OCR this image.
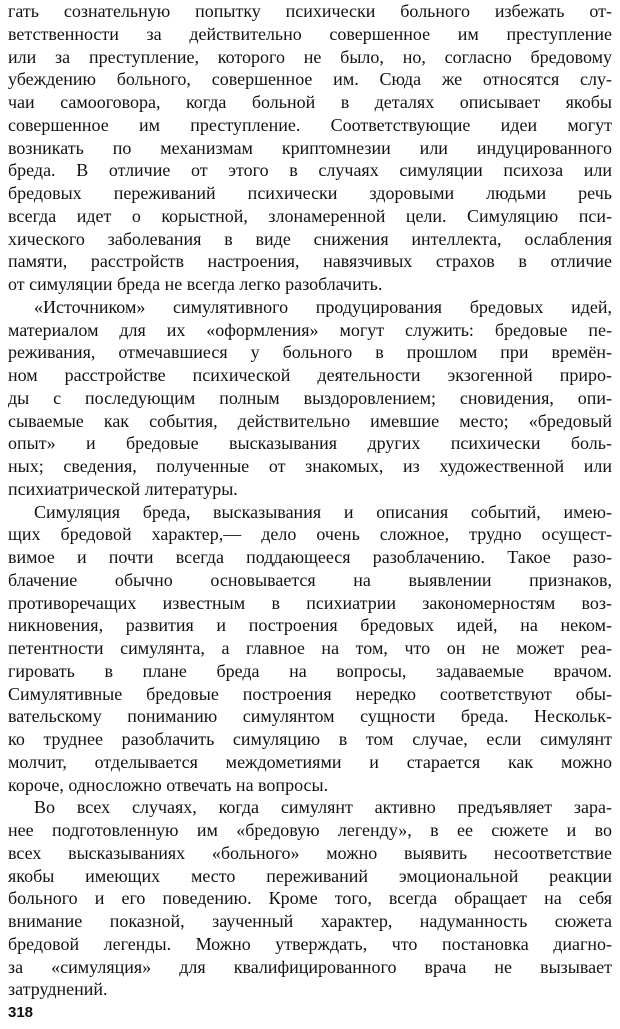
гать сознательную попытку психически больного избежать от-
ветственности за действительно совершенное им преступление
или за преступление, которого не было, но, согласно бредовому
убеждению больного, совершенное им. Сюда же относятся слу-
чаи самооговора, когда больной в деталях описывает якобы
совершенное им преступление. Соответствующие идеи могут
возникать по механизмам криптомнезии или индуцированного
бреда. В отличие от этого в случаях симуляции психоза или
бредовых переживаний психически здоровыми людьми речь
всегда идет о корыстной, злонамеренной цели. Симуляцию пси-
хического заболевания в виде снижения интеллекта, ослабления
памяти, расстройств настроения, навязчивых страхов в отличие
от симуляции бреда не всегда легко разоблачить.
«Источником» симулятивного продуцирования бредовых идей,
материалом для их «оформления» могут служить: бредовые пе-
реживания, отмечавшиеся у больного в прошлом при времён-
ном расстройстве психической деятельности экзогенной приро-
ды с последующим полным выздоровлением; сновидения, опи-
сываемые как события, действительно имевшие место; «бредовый
опыт» и бредовые высказывания других психически боль-
ных; сведения, полученные от знакомых, из художественной или
психиатрической литературы.
Симуляция бреда, высказывания и описания событий, имею-
щих бредовой характер,— дело очень сложное, трудно осущест-
вимое и почти всегда поддающееся разоблачению. Такое разо-
блачение обычно основывается на выявлении признаков,
противоречащих известным в психиатрии закономерностям воз-
никновения, развития и построения бредовых идей, на неком-
петентности симулянта, а главное на том, что он не может реа-
гировать в плане бреда на вопросы, задаваемые врачом.
Симулятивные бредовые построения нередко соответствуют обы-
вательскому пониманию симулянтом сущности бреда. Нескольк-
ко труднее разоблачить симуляцию в том случае, если симулянт
молчит, отделывается междометиями и старается как можно
короче, односложно отвечать на вопросы.
Во всех случаях, когда симулянт активно предъявляет зара-
нее подготовленную им «бредовую легенду», в ее сюжете и во
всех высказываниях «больного» можно выявить несоответствие
якобы имеющих место переживаний эмоциональной реакции
больного и его поведению. Кроме того, всегда обращает на себя
внимание показной, заученный характер, надуманность сюжета
бредовой легенды. Можно утверждать, что постановка диагно-
за «симуляция» для квалифицированного врача не вызывает
затруднений.
318
